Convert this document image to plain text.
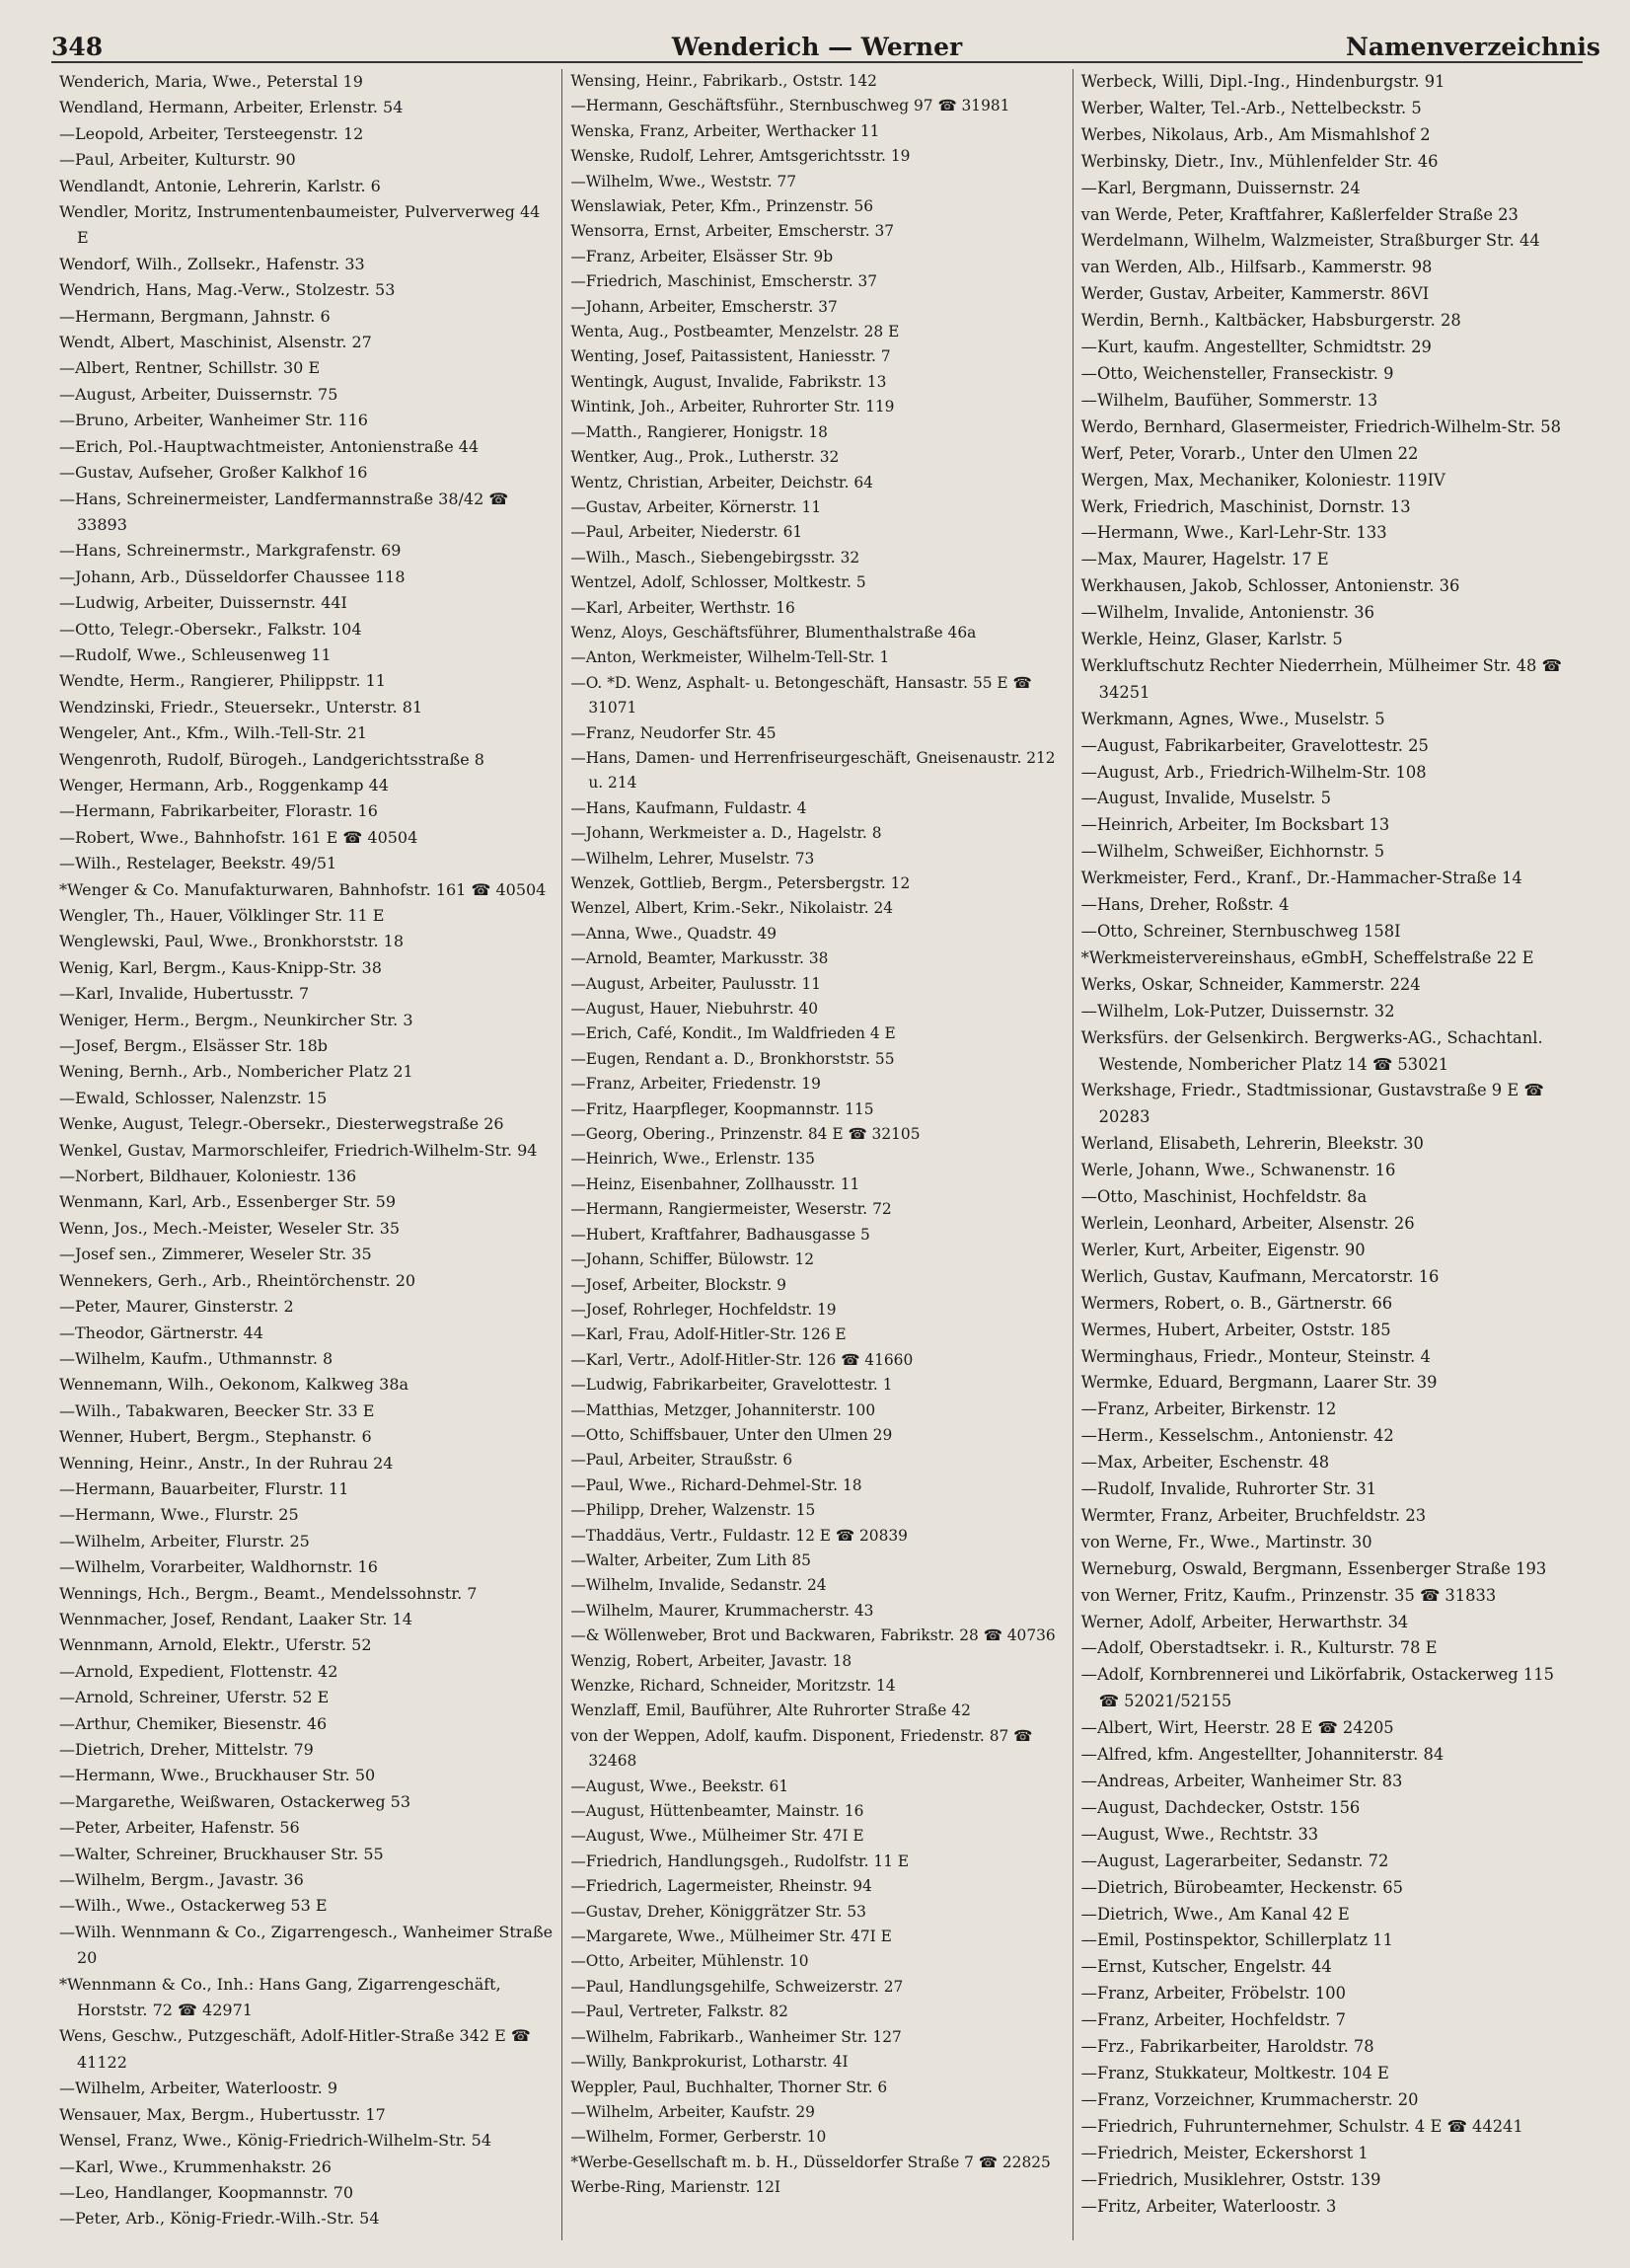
348	Wenderich — Werner	Namenverzeichnis

Wenderich, Maria, Wwe., Peterstal 19

Wendland, Hermann, Arbeiter, Erlenstr. 54

—Leopold, Arbeiter, Tersteegenstr. 12

—Paul, Arbeiter, Kulturstr. 90

Wendlandt, Antonie, Lehrerin, Karlstr. 6

Wendler, Moritz, Instrumentenbaumeister, Pulververweg 44 E

Wendorf, Wilh., Zollsekr., Hafenstr. 33

Wendrich, Hans, Mag.-Verw., Stolzestr. 53

—Hermann, Bergmann, Jahnstr. 6

Wendt, Albert, Maschinist, Alsenstr. 27

—Albert, Rentner, Schillstr. 30 E

—August, Arbeiter, Duissernstr. 75

—Bruno, Arbeiter, Wanheimer Str. 116

—Erich, Pol.-Hauptwachtmeister, Antonienstraße 44

—Gustav, Aufseher, Großer Kalkhof 16

—Hans, Schreinermeister, Landfermannstraße 38/42 ☎ 33893

—Hans, Schreinermstr., Markgrafenstr. 69

—Johann, Arb., Düsseldorfer Chaussee 118

—Ludwig, Arbeiter, Duissernstr. 44I

—Otto, Telegr.-Obersekr., Falkstr. 104

—Rudolf, Wwe., Schleusenweg 11

Wendte, Herm., Rangierer, Philippstr. 11

Wendzinski, Friedr., Steuersekr., Unterstr. 81

Wengeler, Ant., Kfm., Wilh.-Tell-Str. 21

Wengenroth, Rudolf, Bürogeh., Landgerichtsstraße 8

Wenger, Hermann, Arb., Roggenkamp 44

—Hermann, Fabrikarbeiter, Florastr. 16

—Robert, Wwe., Bahnhofstr. 161 E ☎ 40504

—Wilh., Restelager, Beekstr. 49/51

*Wenger & Co. Manufakturwaren, Bahnhofstr. 161 ☎ 40504

Wengler, Th., Hauer, Völklinger Str. 11 E

Wenglewski, Paul, Wwe., Bronkhorststr. 18

Wenig, Karl, Bergm., Kaus-Knipp-Str. 38

—Karl, Invalide, Hubertusstr. 7

Weniger, Herm., Bergm., Neunkircher Str. 3

—Josef, Bergm., Elsässer Str. 18b

Wening, Bernh., Arb., Nombericher Platz 21

—Ewald, Schlosser, Nalenzstr. 15

Wenke, August, Telegr.-Obersekr., Diesterwegstraße 26

Wenkel, Gustav, Marmorschleifer, Friedrich-Wilhelm-Str. 94

—Norbert, Bildhauer, Koloniestr. 136

Wenmann, Karl, Arb., Essenberger Str. 59

Wenn, Jos., Mech.-Meister, Weseler Str. 35

—Josef sen., Zimmerer, Weseler Str. 35

Wennekers, Gerh., Arb., Rheintörchenstr. 20

—Peter, Maurer, Ginsterstr. 2

—Theodor, Gärtnerstr. 44

—Wilhelm, Kaufm., Uthmannstr. 8

Wennemann, Wilh., Oekonom, Kalkweg 38a

—Wilh., Tabakwaren, Beecker Str. 33 E

Wenner, Hubert, Bergm., Stephanstr. 6

Wenning, Heinr., Anstr., In der Ruhrau 24

—Hermann, Bauarbeiter, Flurstr. 11

—Hermann, Wwe., Flurstr. 25

—Wilhelm, Arbeiter, Flurstr. 25

—Wilhelm, Vorarbeiter, Waldhornstr. 16

Wennings, Hch., Bergm., Beamt., Mendelssohnstr. 7

Wennmacher, Josef, Rendant, Laaker Str. 14

Wennmann, Arnold, Elektr., Uferstr. 52

—Arnold, Expedient, Flottenstr. 42

—Arnold, Schreiner, Uferstr. 52 E

—Arthur, Chemiker, Biesenstr. 46

—Dietrich, Dreher, Mittelstr. 79

—Hermann, Wwe., Bruckhauser Str. 50

—Margarethe, Weißwaren, Ostackerweg 53

—Peter, Arbeiter, Hafenstr. 56

—Walter, Schreiner, Bruckhauser Str. 55

—Wilhelm, Bergm., Javastr. 36

—Wilh., Wwe., Ostackerweg 53 E

—Wilh. Wennmann & Co., Zigarrengesch., Wanheimer Straße 20

*Wennmann & Co., Inh.: Hans Gang, Zigarrengeschäft, Horststr. 72 ☎ 42971

Wens, Geschw., Putzgeschäft, Adolf-Hitler-Straße 342 E ☎ 41122

—Wilhelm, Arbeiter, Waterloostr. 9

Wensauer, Max, Bergm., Hubertusstr. 17

Wensel, Franz, Wwe., König-Friedrich-Wilhelm-Str. 54

—Karl, Wwe., Krummenhakstr. 26

—Leo, Handlanger, Koopmannstr. 70

—Peter, Arb., König-Friedr.-Wilh.-Str. 54

Wensing, Heinr., Fabrikarb., Oststr. 142

—Hermann, Geschäftsführ., Sternbuschweg 97 ☎ 31981

Wenska, Franz, Arbeiter, Werthacker 11

Wenske, Rudolf, Lehrer, Amtsgerichtsstr. 19

—Wilhelm, Wwe., Weststr. 77

Wenslawiak, Peter, Kfm., Prinzenstr. 56

Wensorra, Ernst, Arbeiter, Emscherstr. 37

—Franz, Arbeiter, Elsässer Str. 9b

—Friedrich, Maschinist, Emscherstr. 37

—Johann, Arbeiter, Emscherstr. 37

Wenta, Aug., Postbeamter, Menzelstr. 28 E

Wenting, Josef, Paitassistent, Haniesstr. 7

Wentingk, August, Invalide, Fabrikstr. 13

Wintink, Joh., Arbeiter, Ruhrorter Str. 119

—Matth., Rangierer, Honigstr. 18

Wentker, Aug., Prok., Lutherstr. 32

Wentz, Christian, Arbeiter, Deichstr. 64

—Gustav, Arbeiter, Körnerstr. 11

—Paul, Arbeiter, Niederstr. 61

—Wilh., Masch., Siebengebirgsstr. 32

Wentzel, Adolf, Schlosser, Moltkestr. 5

—Karl, Arbeiter, Werthstr. 16

Wenz, Aloys, Geschäftsführer, Blumenthalstraße 46a

—Anton, Werkmeister, Wilhelm-Tell-Str. 1

—O. *D. Wenz, Asphalt- u. Betongeschäft, Hansastr. 55 E ☎ 31071

—Franz, Neudorfer Str. 45

—Hans, Damen- und Herrenfriseurgeschäft, Gneisenaustr. 212 u. 214

—Hans, Kaufmann, Fuldastr. 4

—Johann, Werkmeister a. D., Hagelstr. 8

—Wilhelm, Lehrer, Muselstr. 73

Wenzek, Gottlieb, Bergm., Petersbergstr. 12

Wenzel, Albert, Krim.-Sekr., Nikolaistr. 24

—Anna, Wwe., Quadstr. 49

—Arnold, Beamter, Markusstr. 38

—August, Arbeiter, Paulusstr. 11

—August, Hauer, Niebuhrstr. 40

—Erich, Café, Kondit., Im Waldfrieden 4 E

—Eugen, Rendant a. D., Bronkhorststr. 55

—Franz, Arbeiter, Friedenstr. 19

—Fritz, Haarpfleger, Koopmannstr. 115

—Georg, Obering., Prinzenstr. 84 E ☎ 32105

—Heinrich, Wwe., Erlenstr. 135

—Heinz, Eisenbahner, Zollhausstr. 11

—Hermann, Rangiermeister, Weserstr. 72

—Hubert, Kraftfahrer, Badhausgasse 5

—Johann, Schiffer, Bülowstr. 12

—Josef, Arbeiter, Blockstr. 9

—Josef, Rohrleger, Hochfeldstr. 19

—Karl, Frau, Adolf-Hitler-Str. 126 E

—Karl, Vertr., Adolf-Hitler-Str. 126 ☎ 41660

—Ludwig, Fabrikarbeiter, Gravelottestr. 1

—Matthias, Metzger, Johanniterstr. 100

—Otto, Schiffsbauer, Unter den Ulmen 29

—Paul, Arbeiter, Straußstr. 6

—Paul, Wwe., Richard-Dehmel-Str. 18

—Philipp, Dreher, Walzenstr. 15

—Thaddäus, Vertr., Fuldastr. 12 E ☎ 20839

—Walter, Arbeiter, Zum Lith 85

—Wilhelm, Invalide, Sedanstr. 24

—Wilhelm, Maurer, Krummacherstr. 43

—& Wöllenweber, Brot und Backwaren, Fabrikstr. 28 ☎ 40736

Wenzig, Robert, Arbeiter, Javastr. 18

Wenzke, Richard, Schneider, Moritzstr. 14

Wenzlaff, Emil, Bauführer, Alte Ruhrorter Straße 42

von der Weppen, Adolf, kaufm. Disponent, Friedenstr. 87 ☎ 32468

—August, Wwe., Beekstr. 61

—August, Hüttenbeamter, Mainstr. 16

—August, Wwe., Mülheimer Str. 47I E

—Friedrich, Handlungsgeh., Rudolfstr. 11 E

—Friedrich, Lagermeister, Rheinstr. 94

—Gustav, Dreher, Königgrätzer Str. 53

—Margarete, Wwe., Mülheimer Str. 47I E

—Otto, Arbeiter, Mühlenstr. 10

—Paul, Handlungsgehilfe, Schweizerstr. 27

—Paul, Vertreter, Falkstr. 82

—Wilhelm, Fabrikarb., Wanheimer Str. 127

—Willy, Bankprokurist, Lotharstr. 4I

Weppler, Paul, Buchhalter, Thorner Str. 6

—Wilhelm, Arbeiter, Kaufstr. 29

—Wilhelm, Former, Gerberstr. 10

*Werbe-Gesellschaft m. b. H., Düsseldorfer Straße 7 ☎ 22825

Werbe-Ring, Marienstr. 12I

Werbeck, Willi, Dipl.-Ing., Hindenburgstr. 91

Werber, Walter, Tel.-Arb., Nettelbeckstr. 5

Werbes, Nikolaus, Arb., Am Mismahlshof 2

Werbinsky, Dietr., Inv., Mühlenfelder Str. 46

—Karl, Bergmann, Duissernstr. 24

van Werde, Peter, Kraftfahrer, Kaßlerfelder Straße 23

Werdelmann, Wilhelm, Walzmeister, Straßburger Str. 44

van Werden, Alb., Hilfsarb., Kammerstr. 98

Werder, Gustav, Arbeiter, Kammerstr. 86VI

Werdin, Bernh., Kaltbäcker, Habsburgerstr. 28

—Kurt, kaufm. Angestellter, Schmidtstr. 29

—Otto, Weichensteller, Franseckistr. 9

—Wilhelm, Baufüher, Sommerstr. 13

Werdo, Bernhard, Glasermeister, Friedrich-Wilhelm-Str. 58

Werf, Peter, Vorarb., Unter den Ulmen 22

Wergen, Max, Mechaniker, Koloniestr. 119IV

Werk, Friedrich, Maschinist, Dornstr. 13

—Hermann, Wwe., Karl-Lehr-Str. 133

—Max, Maurer, Hagelstr. 17 E

Werkhausen, Jakob, Schlosser, Antonienstr. 36

—Wilhelm, Invalide, Antonienstr. 36

Werkle, Heinz, Glaser, Karlstr. 5

Werkluftschutz Rechter Niederrhein, Mülheimer Str. 48 ☎ 34251

Werkmann, Agnes, Wwe., Muselstr. 5

—August, Fabrikarbeiter, Gravelottestr. 25

—August, Arb., Friedrich-Wilhelm-Str. 108

—August, Invalide, Muselstr. 5

—Heinrich, Arbeiter, Im Bocksbart 13

—Wilhelm, Schweißer, Eichhornstr. 5

Werkmeister, Ferd., Kranf., Dr.-Hammacher-Straße 14

—Hans, Dreher, Roßstr. 4

—Otto, Schreiner, Sternbuschweg 158I

*Werkmeistervereinshaus, eGmbH, Scheffelstraße 22 E

Werks, Oskar, Schneider, Kammerstr. 224

—Wilhelm, Lok-Putzer, Duissernstr. 32

Werksfürs. der Gelsenkirch. Bergwerks-AG., Schachtanl. Westende, Nombericher Platz 14 ☎ 53021

Werkshage, Friedr., Stadtmissionar, Gustavstraße 9 E ☎ 20283

Werland, Elisabeth, Lehrerin, Bleekstr. 30

Werle, Johann, Wwe., Schwanenstr. 16

—Otto, Maschinist, Hochfeldstr. 8a

Werlein, Leonhard, Arbeiter, Alsenstr. 26

Werler, Kurt, Arbeiter, Eigenstr. 90

Werlich, Gustav, Kaufmann, Mercatorstr. 16

Wermers, Robert, o. B., Gärtnerstr. 66

Wermes, Hubert, Arbeiter, Oststr. 185

Werminghaus, Friedr., Monteur, Steinstr. 4

Wermke, Eduard, Bergmann, Laarer Str. 39

—Franz, Arbeiter, Birkenstr. 12

—Herm., Kesselschm., Antonienstr. 42

—Max, Arbeiter, Eschenstr. 48

—Rudolf, Invalide, Ruhrorter Str. 31

Wermter, Franz, Arbeiter, Bruchfeldstr. 23

von Werne, Fr., Wwe., Martinstr. 30

Werneburg, Oswald, Bergmann, Essenberger Straße 193

von Werner, Fritz, Kaufm., Prinzenstr. 35 ☎ 31833

Werner, Adolf, Arbeiter, Herwarthstr. 34

—Adolf, Oberstadtsekr. i. R., Kulturstr. 78 E

—Adolf, Kornbrennerei und Likörfabrik, Ostackerweg 115 ☎ 52021/52155

—Albert, Wirt, Heerstr. 28 E ☎ 24205

—Alfred, kfm. Angestellter, Johanniterstr. 84

—Andreas, Arbeiter, Wanheimer Str. 83

—August, Dachdecker, Oststr. 156

—August, Wwe., Rechtstr. 33

—August, Lagerarbeiter, Sedanstr. 72

—Dietrich, Bürobeamter, Heckenstr. 65

—Dietrich, Wwe., Am Kanal 42 E

—Emil, Postinspektor, Schillerplatz 11

—Ernst, Kutscher, Engelstr. 44

—Franz, Arbeiter, Fröbelstr. 100

—Franz, Arbeiter, Hochfeldstr. 7

—Frz., Fabrikarbeiter, Haroldstr. 78

—Franz, Stukkateur, Moltkestr. 104 E

—Franz, Vorzeichner, Krummacherstr. 20

—Friedrich, Fuhrunternehmer, Schulstr. 4 E ☎ 44241

—Friedrich, Meister, Eckershorst 1

—Friedrich, Musiklehrer, Oststr. 139

—Fritz, Arbeiter, Waterloostr. 3
